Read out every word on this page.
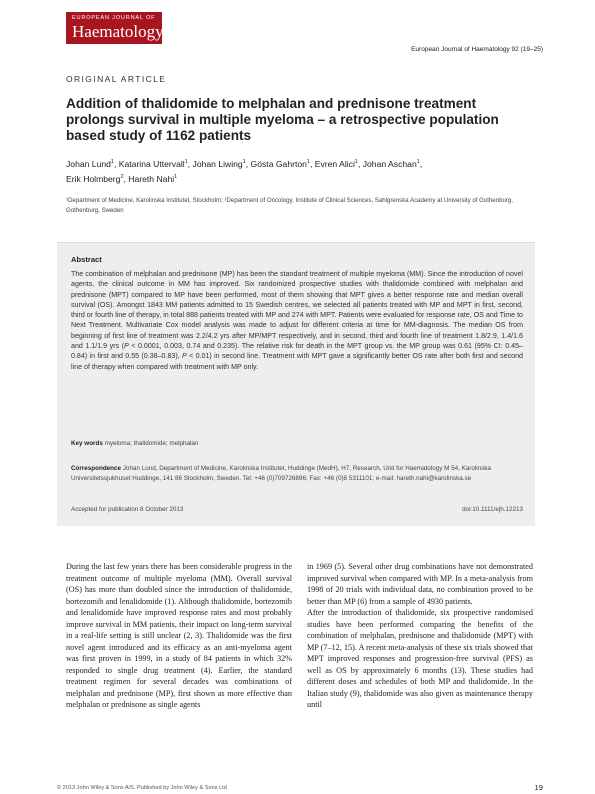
EUROPEAN JOURNAL OF
Haematology
European Journal of Haematology 92 (19–25)
ORIGINAL ARTICLE
Addition of thalidomide to melphalan and prednisone treatment prolongs survival in multiple myeloma – a retrospective population based study of 1162 patients
Johan Lund$^1$, Katarina Uttervall$^1$, Johan Liwing$^1$, Gösta Gahrton$^1$, Evren Alici$^1$, Johan Aschan$^1$,
Erik Holmberg$^2$, Hareth Nahi$^1$
¹Department of Medicine, Karolinska Institutet, Stockholm; ²Department of Oncology, Institute of Clinical Sciences, Sahlgrenska Academy at University of Gothenburg, Gothenburg, Sweden
Abstract
The combination of melphalan and prednisone (MP) has been the standard treatment of multiple myeloma (MM). Since the introduction of novel agents, the clinical outcome in MM has improved. Six randomized prospective studies with thalidomide combined with melphalan and prednisone (MPT) compared to MP have been performed, most of them showing that MPT gives a better response rate and median overall survival (OS). Amongst 1843 MM patients admitted to 15 Swedish centres, we selected all patients treated with MP and MPT in first, second, third or fourth line of therapy, in total 888 patients treated with MP and 274 with MPT. Patients were evaluated for response rate, OS and Time to Next Treatment. Multivariate Cox model analysis was made to adjust for different criteria at time for MM-diagnosis. The median OS from beginning of first line of treatment was 2.2/4.2 yrs after MP/MPT respectively, and in second, third and fourth line of treatment 1.8/2.9, 1.4/1.6 and 1.1/1.9 yrs (P < 0.0001, 0.003, 0.74 and 0.235). The relative risk for death in the MPT group vs. the MP group was 0.61 (95% CI: 0.45–0.84) in first and 0.55 (0.38–0.83), P < 0.01) in second line. Treatment with MPT gave a significantly better OS rate after both first and second line of therapy when compared with treatment with MP only.
Key words myeloma; thalidomide; melphalan
Correspondence Johan Lund, Department of Medicine, Karolinska Institutet, Huddinge (MedH), H7, Research, Unit for Haematology M 54, Karolinska Universitetssjukhuset Huddinge, 141 86 Stockholm, Sweden. Tel: +46 (0)709726896; Fax: +46 (0)8 5311101; e-mail: hareth.nahi@karolinska.se
Accepted for publication 8 October 2013	doi:10.1111/ejh.12213

During the last few years there has been considerable progress in the treatment outcome of multiple myeloma (MM). Overall survival (OS) has more than doubled since the introduction of thalidomide, bortezomib and lenalidomide (1). Although thalidomide, bortezomib and lenalidomide have improved response rates and most probably improve survival in MM patients, their impact on long-term survival in a real-life setting is still unclear (2, 3). Thalidomide was the first novel agent introduced and its efficacy as an anti-myeloma agent was first proven in 1999, in a study of 84 patients in which 32% responded to single drug treatment (4). Earlier, the standard treatment regimen for several decades was combinations of melphalan and prednisone (MP), first shown as more effective than melphalan or prednisone as single agents

in 1969 (5). Several other drug combinations have not demonstrated improved survival when compared with MP. In a meta-analysis from 1998 of 20 trials with individual data, no combination proved to be better than MP (6) from a sample of 4930 patients.

After the introduction of thalidomide, six prospective randomised studies have been performed comparing the benefits of the combination of melphalan, prednisone and thalidomide (MPT) with MP (7–12, 15). A recent meta-analysis of these six trials showed that MPT improved responses and progression-free survival (PFS) as well as OS by approximately 6 months (13). These studies had different doses and schedules of both MP and thalidomide. In the Italian study (9), thalidomide was also given as maintenance therapy until

© 2013 John Wiley & Sons A/S. Published by John Wiley & Sons Ltd	19
